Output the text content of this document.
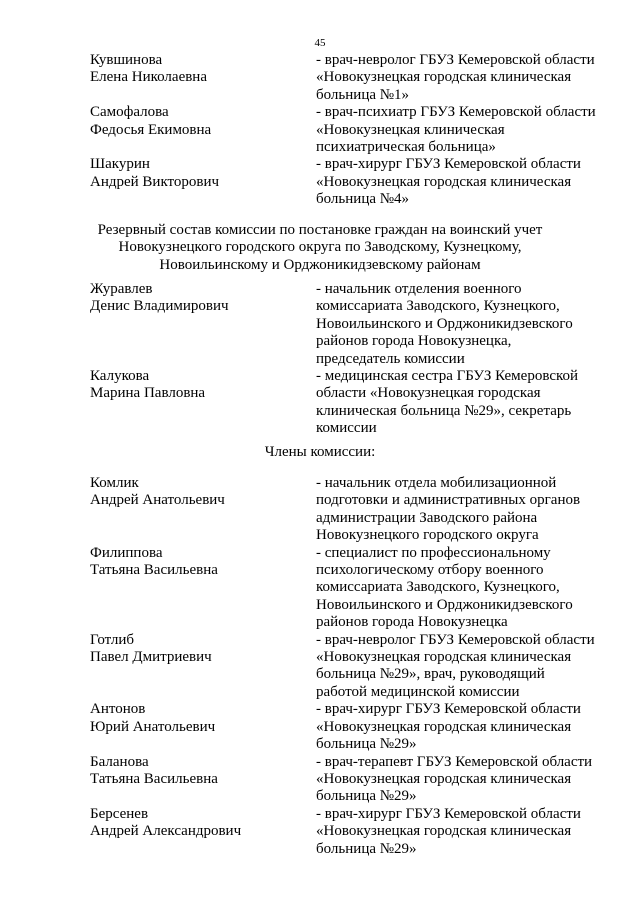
45
Кувшинова
Елена Николаевна
- врач-невролог ГБУЗ Кемеровской области
«Новокузнецкая городская клиническая
больница №1»
Самофалова
Федосья Екимовна
- врач-психиатр ГБУЗ Кемеровской области
«Новокузнецкая клиническая
психиатрическая больница»
Шакурин
Андрей Викторович
- врач-хирург ГБУЗ Кемеровской области
«Новокузнецкая городская клиническая
больница №4»
Резервный состав комиссии по постановке граждан на воинский учет
Новокузнецкого городского округа по Заводскому, Кузнецкому,
Новоильинскому и Орджоникидзевскому районам
Журавлев
Денис Владимирович
- начальник отделения военного
комиссариата Заводского, Кузнецкого,
Новоильинского и Орджоникидзевского
районов города Новокузнецка,
председатель комиссии
Калукова
Марина Павловна
- медицинская сестра ГБУЗ Кемеровской
области «Новокузнецкая городская
клиническая больница №29», секретарь
комиссии
Члены комиссии:
Комлик
Андрей Анатольевич
- начальник отдела мобилизационной
подготовки и административных органов
администрации Заводского района
Новокузнецкого городского округа
Филиппова
Татьяна Васильевна
- специалист по профессиональному
психологическому отбору военного
комиссариата Заводского, Кузнецкого,
Новоильинского и Орджоникидзевского
районов города Новокузнецка
Готлиб
Павел Дмитриевич
- врач-невролог ГБУЗ Кемеровской области
«Новокузнецкая городская клиническая
больница №29», врач, руководящий
работой медицинской комиссии
Антонов
Юрий Анатольевич
- врач-хирург ГБУЗ Кемеровской области
«Новокузнецкая городская клиническая
больница №29»
Баланова
Татьяна Васильевна
- врач-терапевт ГБУЗ Кемеровской области
«Новокузнецкая городская клиническая
больница №29»
Берсенев
Андрей Александрович
- врач-хирург ГБУЗ Кемеровской области
«Новокузнецкая городская клиническая
больница №29»
